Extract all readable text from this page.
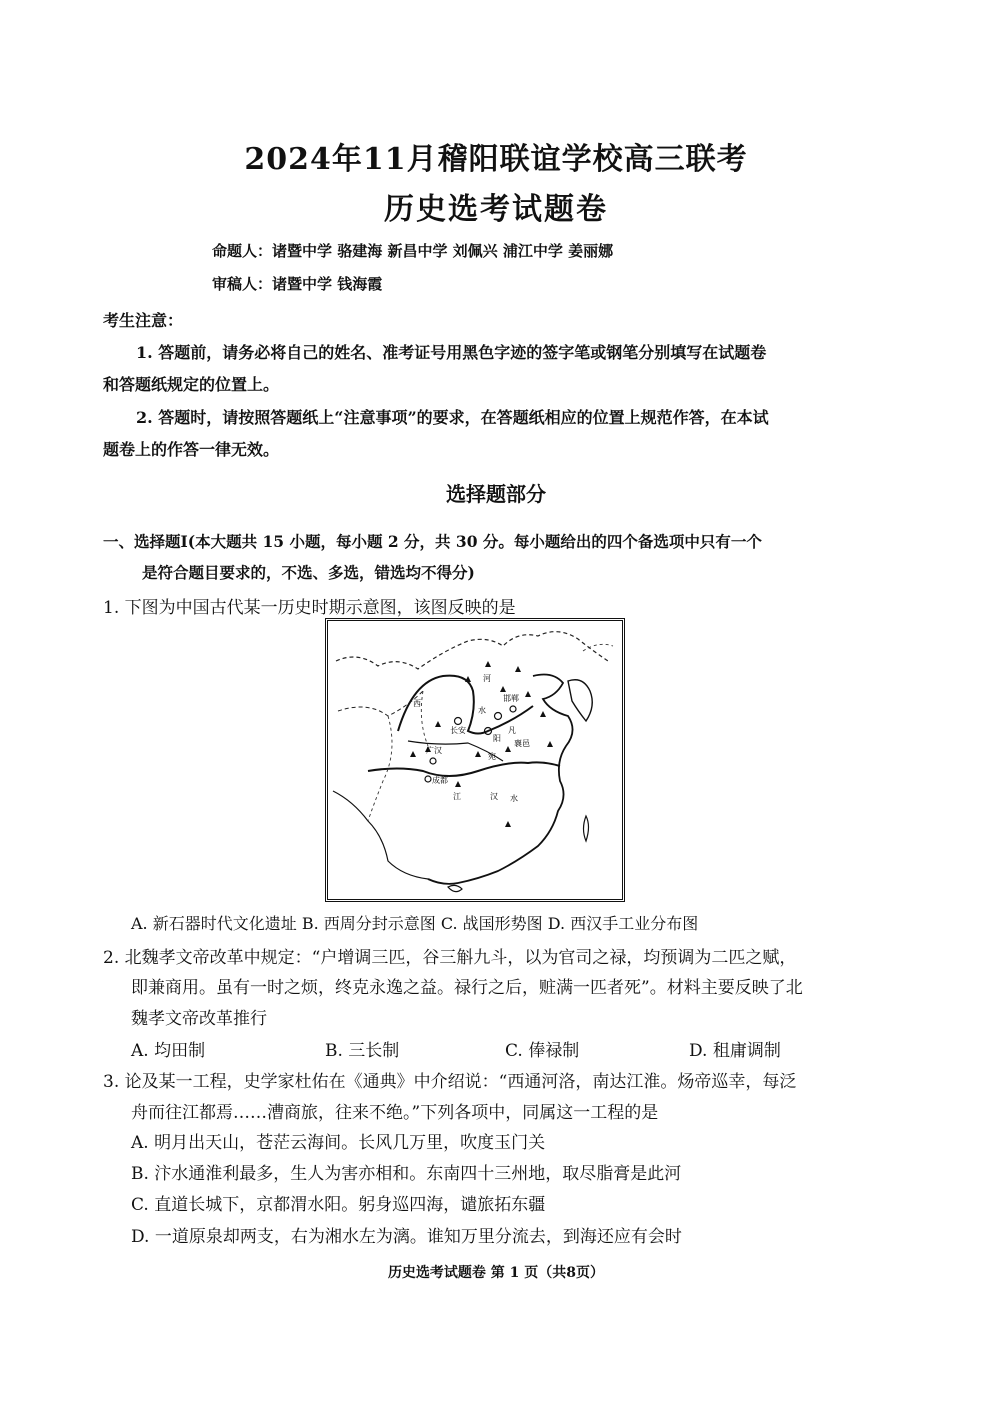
2024年11月稽阳联谊学校高三联考
历史选考试题卷
命题人：诸暨中学 骆建海 新昌中学 刘佩兴 浦江中学 姜丽娜
审稿人：诸暨中学 钱海霞
考生注意：
1. 答题前，请务必将自己的姓名、准考证号用黑色字迹的签字笔或钢笔分别填写在试题卷
和答题纸规定的位置上。
2. 答题时，请按照答题纸上“注意事项”的要求，在答题纸相应的位置上规范作答，在本试
题卷上的作答一律无效。
选择题部分
一、选择题Ⅰ(本大题共 15 小题，每小题 2 分，共 30 分。每小题给出的四个备选项中只有一个
是符合题目要求的，不选、多选，错选均不得分)
1. 下图为中国古代某一历史时期示意图，该图反映的是
河
西
水
长安
邯郸
阳
凡
襄邑
宛
广汉
成都
江	汉 水
A. 新石器时代文化遗址 B. 西周分封示意图 C. 战国形势图 D. 西汉手工业分布图
2. 北魏孝文帝改革中规定：“户增调三匹，谷三斛九斗，以为官司之禄，均预调为二匹之赋，
即兼商用。虽有一时之烦，终克永逸之益。禄行之后，赃满一匹者死”。材料主要反映了北
魏孝文帝改革推行
A. 均田制	B. 三长制	C. 俸禄制	D. 租庸调制
3. 论及某一工程，史学家杜佑在《通典》中介绍说：“西通河洛，南达江淮。炀帝巡幸，每泛
舟而往江都焉……漕商旅，往来不绝。”下列各项中，同属这一工程的是
A. 明月出天山，苍茫云海间。长风几万里，吹度玉门关
B. 汴水通淮利最多，生人为害亦相和。东南四十三州地，取尽脂膏是此河
C. 直道长城下，京都渭水阳。躬身巡四海，谴旅拓东疆
D. 一道原泉却两支，右为湘水左为漓。谁知万里分流去，到海还应有会时
历史选考试题卷 第 1 页（共8页）
